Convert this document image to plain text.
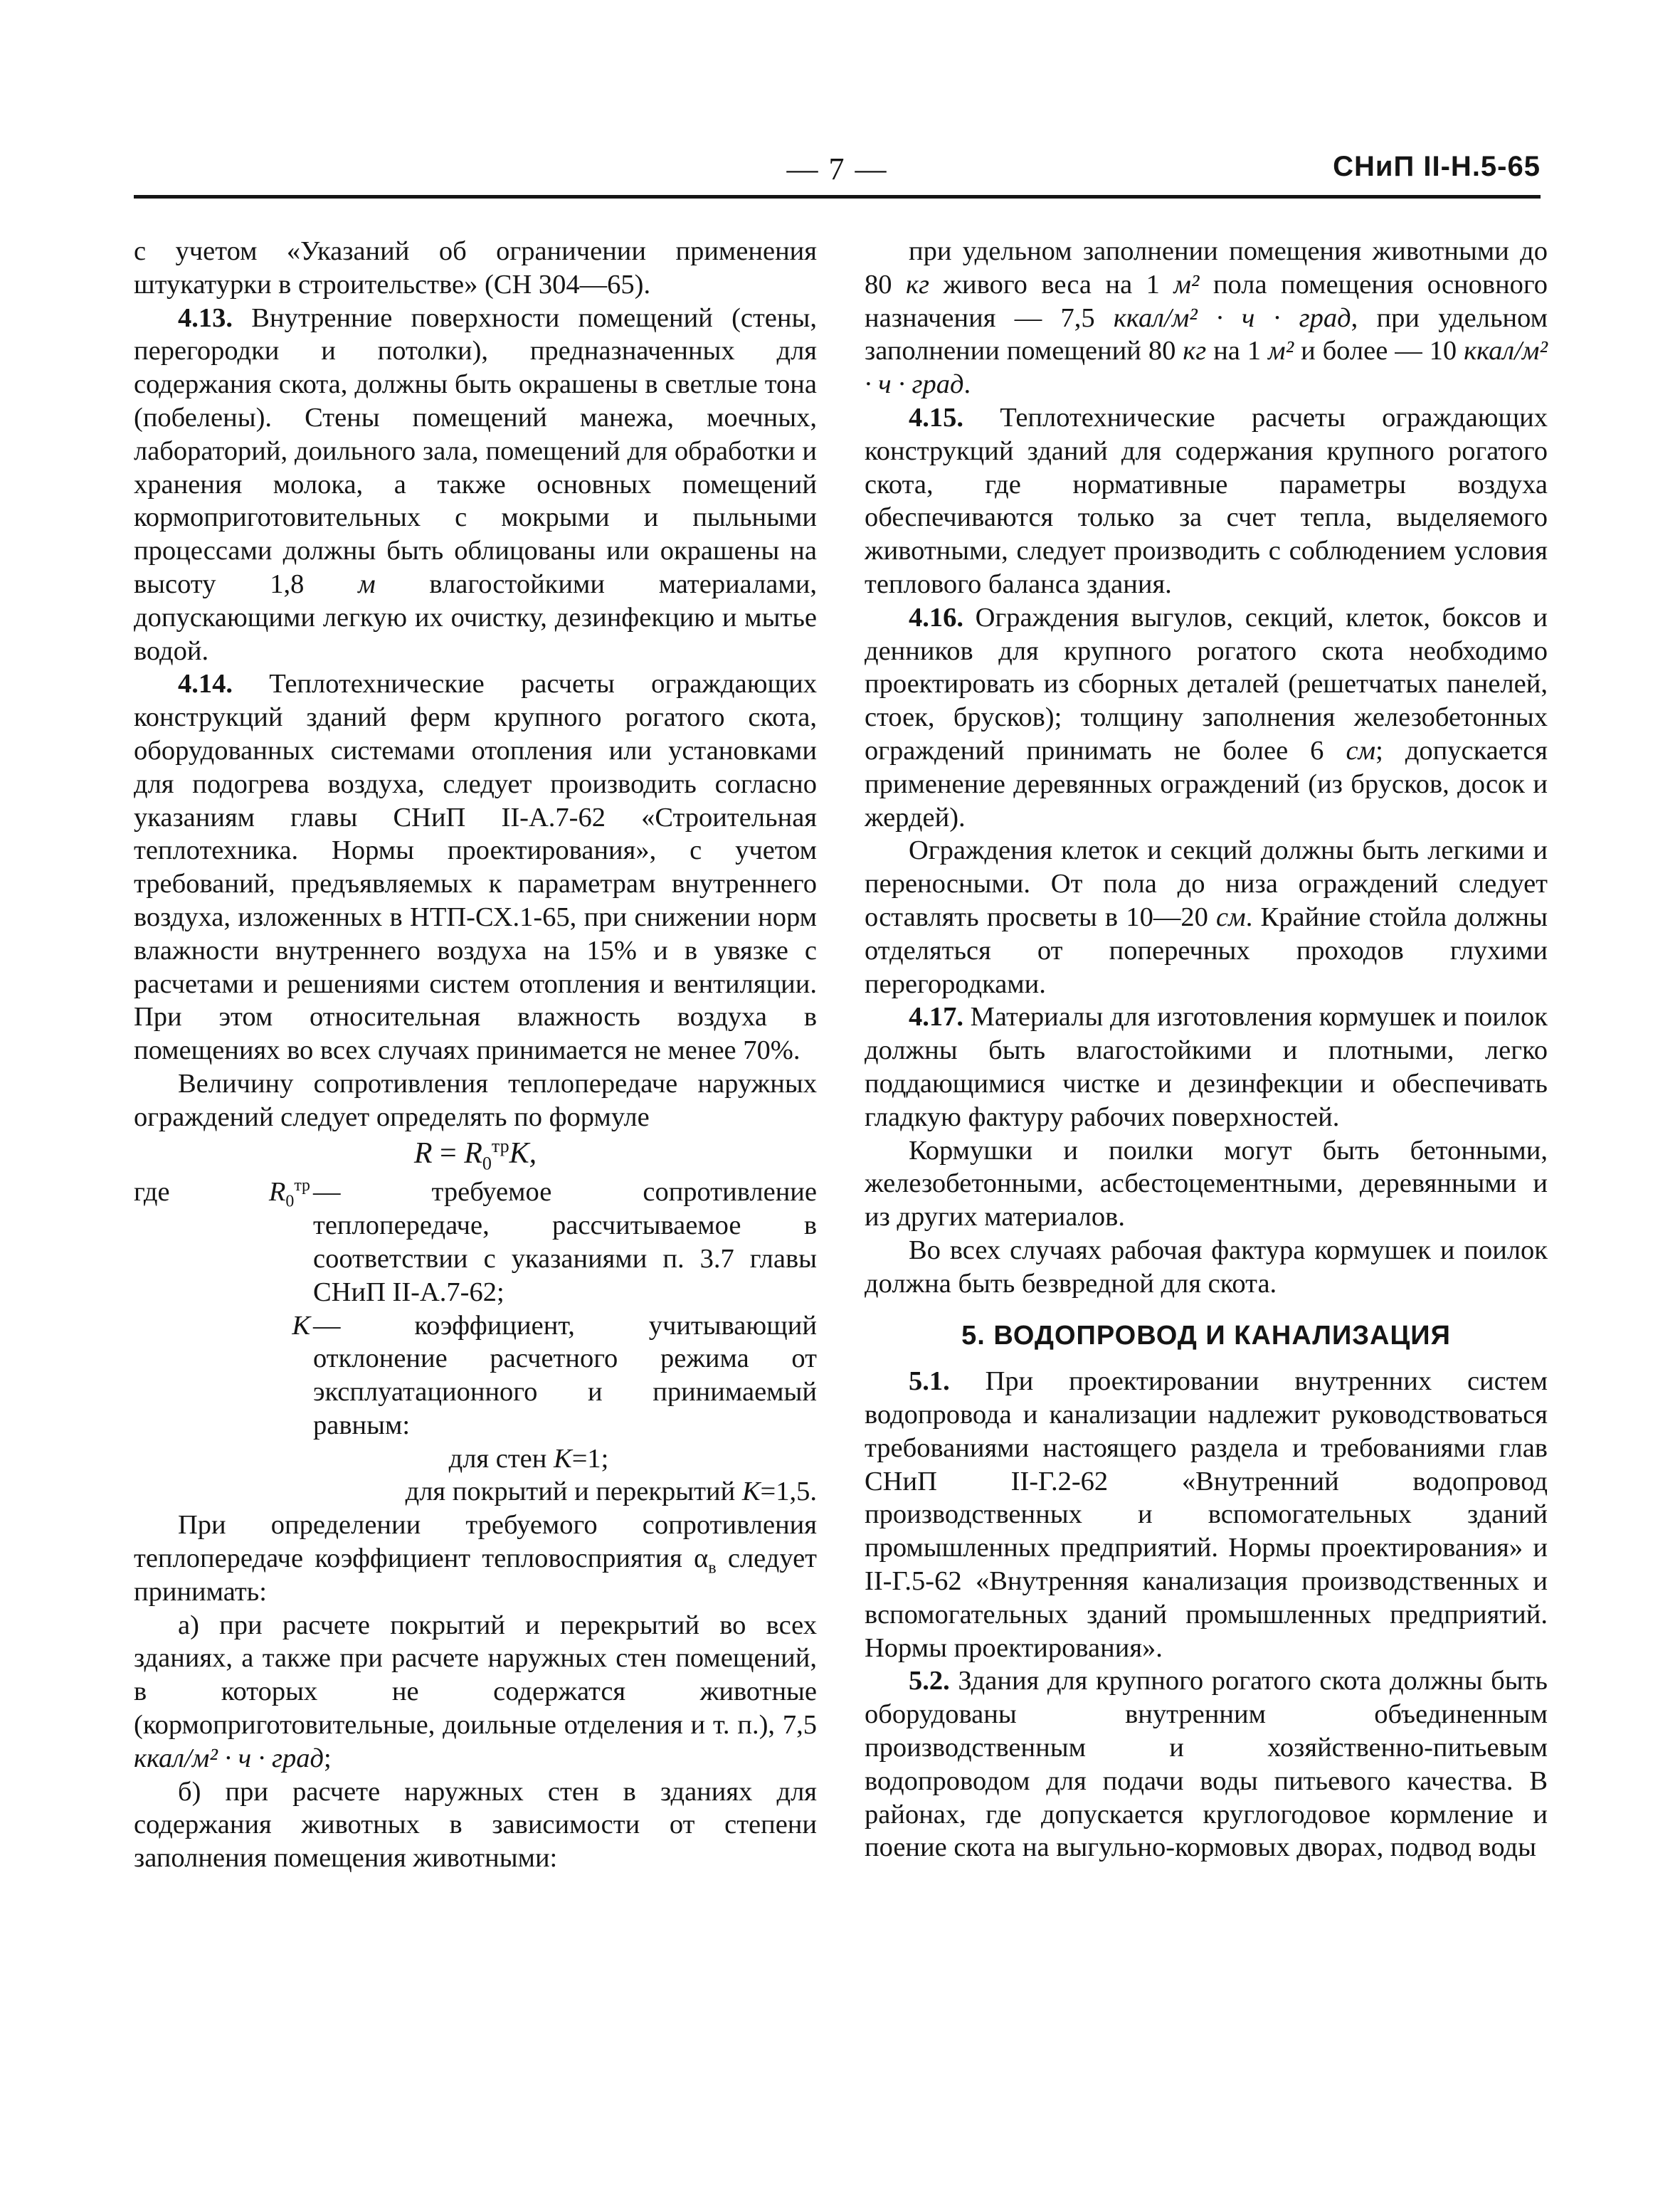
— 7 —	СНиП II-Н.5-65

с учетом «Указаний об ограничении применения штукатурки в строительстве» (СН 304—65).

4.13. Внутренние поверхности помещений (стены, перегородки и потолки), предназначенных для содержания скота, должны быть окрашены в светлые тона (побелены). Стены помещений манежа, моечных, лабораторий, доильного зала, помещений для обработки и хранения молока, а также основных помещений кормоприготовительных с мокрыми и пыльными процессами должны быть облицованы или окрашены на высоту 1,8 м влагостойкими материалами, допускающими легкую их очистку, дезинфекцию и мытье водой.

4.14. Теплотехнические расчеты ограждающих конструкций зданий ферм крупного рогатого скота, оборудованных системами отопления или установками для подогрева воздуха, следует производить согласно указаниям главы СНиП II-А.7-62 «Строительная теплотехника. Нормы проектирования», с учетом требований, предъявляемых к параметрам внутреннего воздуха, изложенных в НТП-СХ.1-65, при снижении норм влажности внутреннего воздуха на 15% и в увязке с расчетами и решениями систем отопления и вентиляции. При этом относительная влажность воздуха в помещениях во всех случаях принимается не менее 70%.

Величину сопротивления теплопередаче наружных ограждений следует определять по формуле

$R = R_0^{тр}K$,

где	$R_0^{тр}$ — требуемое сопротивление теплопередаче, рассчитываемое в соответствии с указаниями п. 3.7 главы СНиП II-А.7-62;
K — коэффициент, учитывающий отклонение расчетного режима от эксплуатационного и принимаемый равным:

для стен K=1;

для покрытий и перекрытий K=1,5.

При определении требуемого сопротивления теплопередаче коэффициент тепловосприятия $\alpha_в$ следует принимать:

а) при расчете покрытий и перекрытий во всех зданиях, а также при расчете наружных стен помещений, в которых не содержатся животные (кормоприготовительные, доильные отделения и т. п.), 7,5 ккал/м² · ч · град;

б) при расчете наружных стен в зданиях для содержания животных в зависимости от степени заполнения помещения животными:

при удельном заполнении помещения животными до 80 кг живого веса на 1 м² пола помещения основного назначения — 7,5 ккал/м² · ч · град, при удельном заполнении помещений 80 кг на 1 м² и более — 10 ккал/м² · ч · град.

4.15. Теплотехнические расчеты ограждающих конструкций зданий для содержания крупного рогатого скота, где нормативные параметры воздуха обеспечиваются только за счет тепла, выделяемого животными, следует производить с соблюдением условия теплового баланса здания.

4.16. Ограждения выгулов, секций, клеток, боксов и денников для крупного рогатого скота необходимо проектировать из сборных деталей (решетчатых панелей, стоек, брусков); толщину заполнения железобетонных ограждений принимать не более 6 см; допускается применение деревянных ограждений (из брусков, досок и жердей).

Ограждения клеток и секций должны быть легкими и переносными. От пола до низа ограждений следует оставлять просветы в 10—20 см. Крайние стойла должны отделяться от поперечных проходов глухими перегородками.

4.17. Материалы для изготовления кормушек и поилок должны быть влагостойкими и плотными, легко поддающимися чистке и дезинфекции и обеспечивать гладкую фактуру рабочих поверхностей.

Кормушки и поилки могут быть бетонными, железобетонными, асбестоцементными, деревянными и из других материалов.

Во всех случаях рабочая фактура кормушек и поилок должна быть безвредной для скота.

5. ВОДОПРОВОД И КАНАЛИЗАЦИЯ

5.1. При проектировании внутренних систем водопровода и канализации надлежит руководствоваться требованиями настоящего раздела и требованиями глав СНиП II-Г.2-62 «Внутренний водопровод производственных и вспомогательных зданий промышленных предприятий. Нормы проектирования» и II-Г.5-62 «Внутренняя канализация производственных и вспомогательных зданий промышленных предприятий. Нормы проектирования».

5.2. Здания для крупного рогатого скота должны быть оборудованы внутренним объединенным производственным и хозяйственно-питьевым водопроводом для подачи воды питьевого качества. В районах, где допускается круглогодовое кормление и поение скота на выгульно-кормовых дворах, подвод воды
